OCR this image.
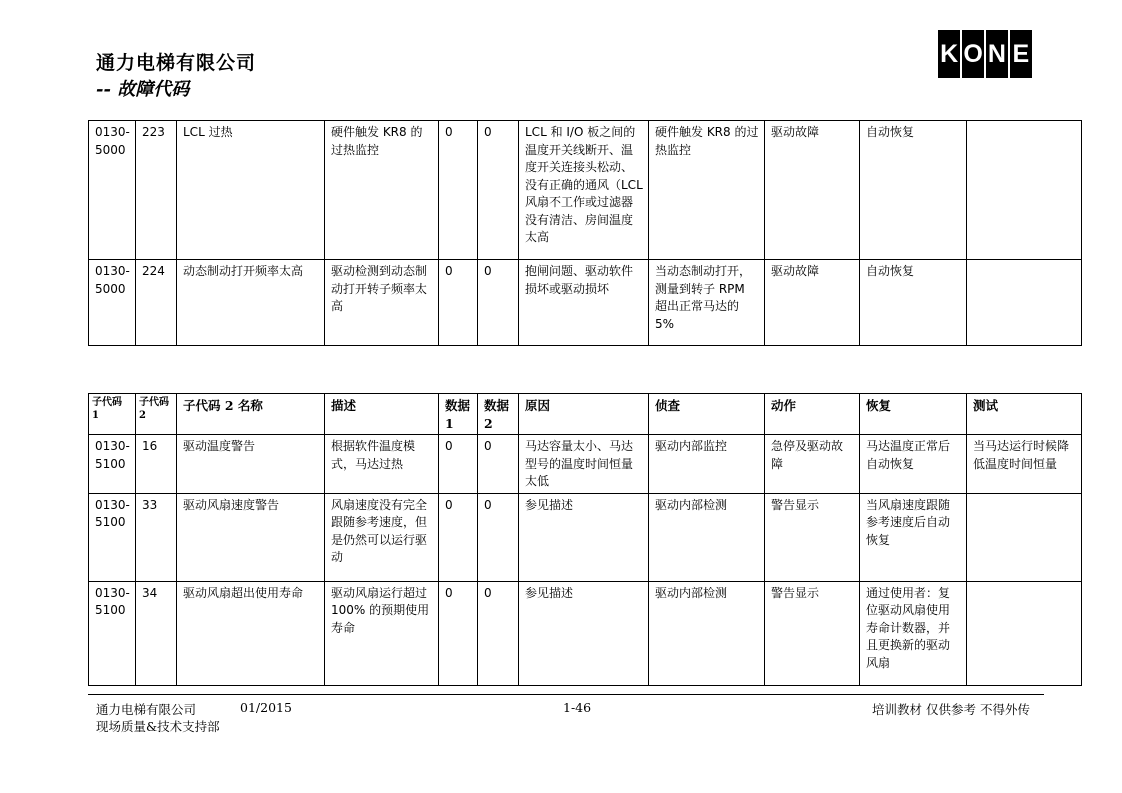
通力电梯有限公司
-- 故障代码
K O N E
0130-5000	223	LCL 过热	硬件触发 KR8 的过热监控	0	0	LCL 和 I/O 板之间的温度开关线断开、温度开关连接头松动、没有正确的通风（LCL 风扇不工作或过滤器没有清洁、房间温度太高	硬件触发 KR8 的过热监控	驱动故障	自动恢复	
0130-5000	224	动态制动打开频率太高	驱动检测到动态制动打开转子频率太高	0	0	抱闸问题、驱动软件损坏或驱动损坏	当动态制动打开，测量到转子 RPM 超出正常马达的 5%	驱动故障	自动恢复	
子代码 1	子代码 2	子代码 2 名称	描述	数据 1	数据 2	原因	侦查	动作	恢复	测试
0130-5100	16	驱动温度警告	根据软件温度模式，马达过热	0	0	马达容量太小、马达型号的温度时间恒量太低	驱动内部监控	急停及驱动故障	马达温度正常后自动恢复	当马达运行时候降低温度时间恒量
0130-5100	33	驱动风扇速度警告	风扇速度没有完全跟随参考速度，但是仍然可以运行驱动	0	0	参见描述	驱动内部检测	警告显示	当风扇速度跟随参考速度后自动恢复	
0130-5100	34	驱动风扇超出使用寿命	驱动风扇运行超过 100% 的预期使用寿命	0	0	参见描述	驱动内部检测	警告显示	通过使用者：复位驱动风扇使用寿命计数器，并且更换新的驱动风扇	
通力电梯有限公司	01/2015
现场质量&技术支持部
1-46	培训教材 仅供参考 不得外传
